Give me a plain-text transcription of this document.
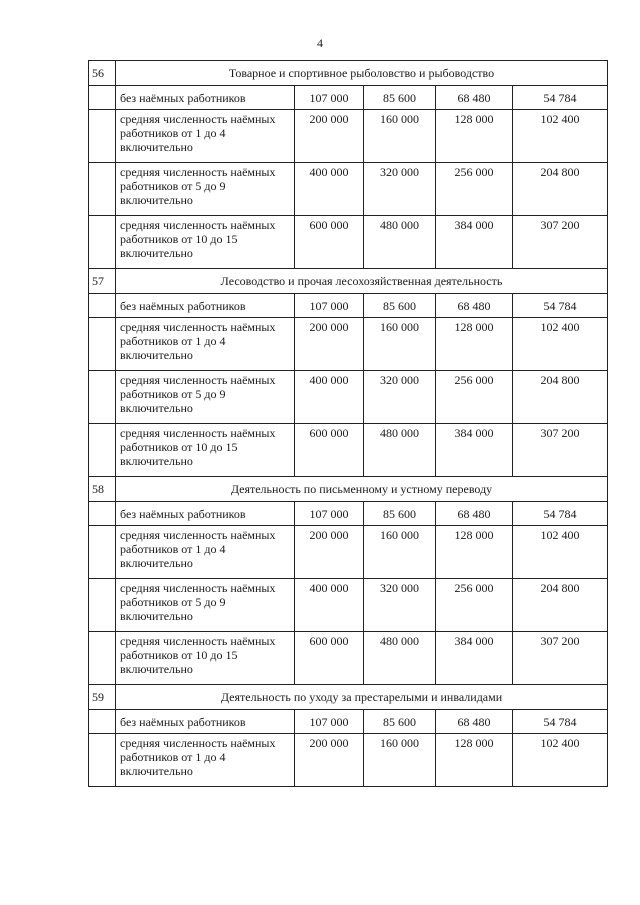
4
56	Товарное и спортивное рыболовство и рыбоводство				
	без наёмных работников	107 000	85 600	68 480	54 784
	средняя численность наёмных работников от 1 до 4 включительно	200 000	160 000	128 000	102 400
	средняя численность наёмных работников от 5 до 9 включительно	400 000	320 000	256 000	204 800
	средняя численность наёмных работников от 10 до 15 включительно	600 000	480 000	384 000	307 200
57	Лесоводство и прочая лесохозяйственная деятельность				
	без наёмных работников	107 000	85 600	68 480	54 784
	средняя численность наёмных работников от 1 до 4 включительно	200 000	160 000	128 000	102 400
	средняя численность наёмных работников от 5 до 9 включительно	400 000	320 000	256 000	204 800
	средняя численность наёмных работников от 10 до 15 включительно	600 000	480 000	384 000	307 200
58	Деятельность по письменному и устному переводу				
	без наёмных работников	107 000	85 600	68 480	54 784
	средняя численность наёмных работников от 1 до 4 включительно	200 000	160 000	128 000	102 400
	средняя численность наёмных работников от 5 до 9 включительно	400 000	320 000	256 000	204 800
	средняя численность наёмных работников от 10 до 15 включительно	600 000	480 000	384 000	307 200
59	Деятельность по уходу за престарелыми и инвалидами				
	без наёмных работников	107 000	85 600	68 480	54 784
	средняя численность наёмных работников от 1 до 4 включительно	200 000	160 000	128 000	102 400
